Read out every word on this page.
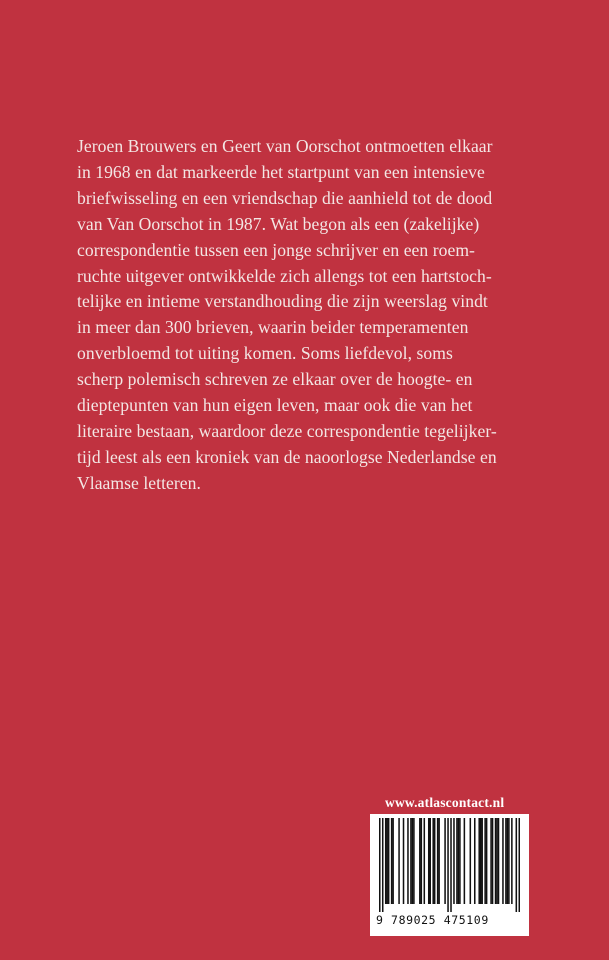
Jeroen Brouwers en Geert van Oorschot ontmoetten elkaar
in 1968 en dat markeerde het startpunt van een intensieve
briefwisseling en een vriendschap die aanhield tot de dood
van Van Oorschot in 1987. Wat begon als een (zakelijke)
correspondentie tussen een jonge schrijver en een roem-
ruchte uitgever ontwikkelde zich allengs tot een hartstoch-
telijke en intieme verstandhouding die zijn weerslag vindt
in meer dan 300 brieven, waarin beider temperamenten
onverbloemd tot uiting komen. Soms liefdevol, soms
scherp polemisch schreven ze elkaar over de hoogte- en
dieptepunten van hun eigen leven, maar ook die van het
literaire bestaan, waardoor deze correspondentie tegelijker-
tijd leest als een kroniek van de naoorlogse Nederlandse en
Vlaamse letteren.
www.atlascontact.nl
9 789025 475109
